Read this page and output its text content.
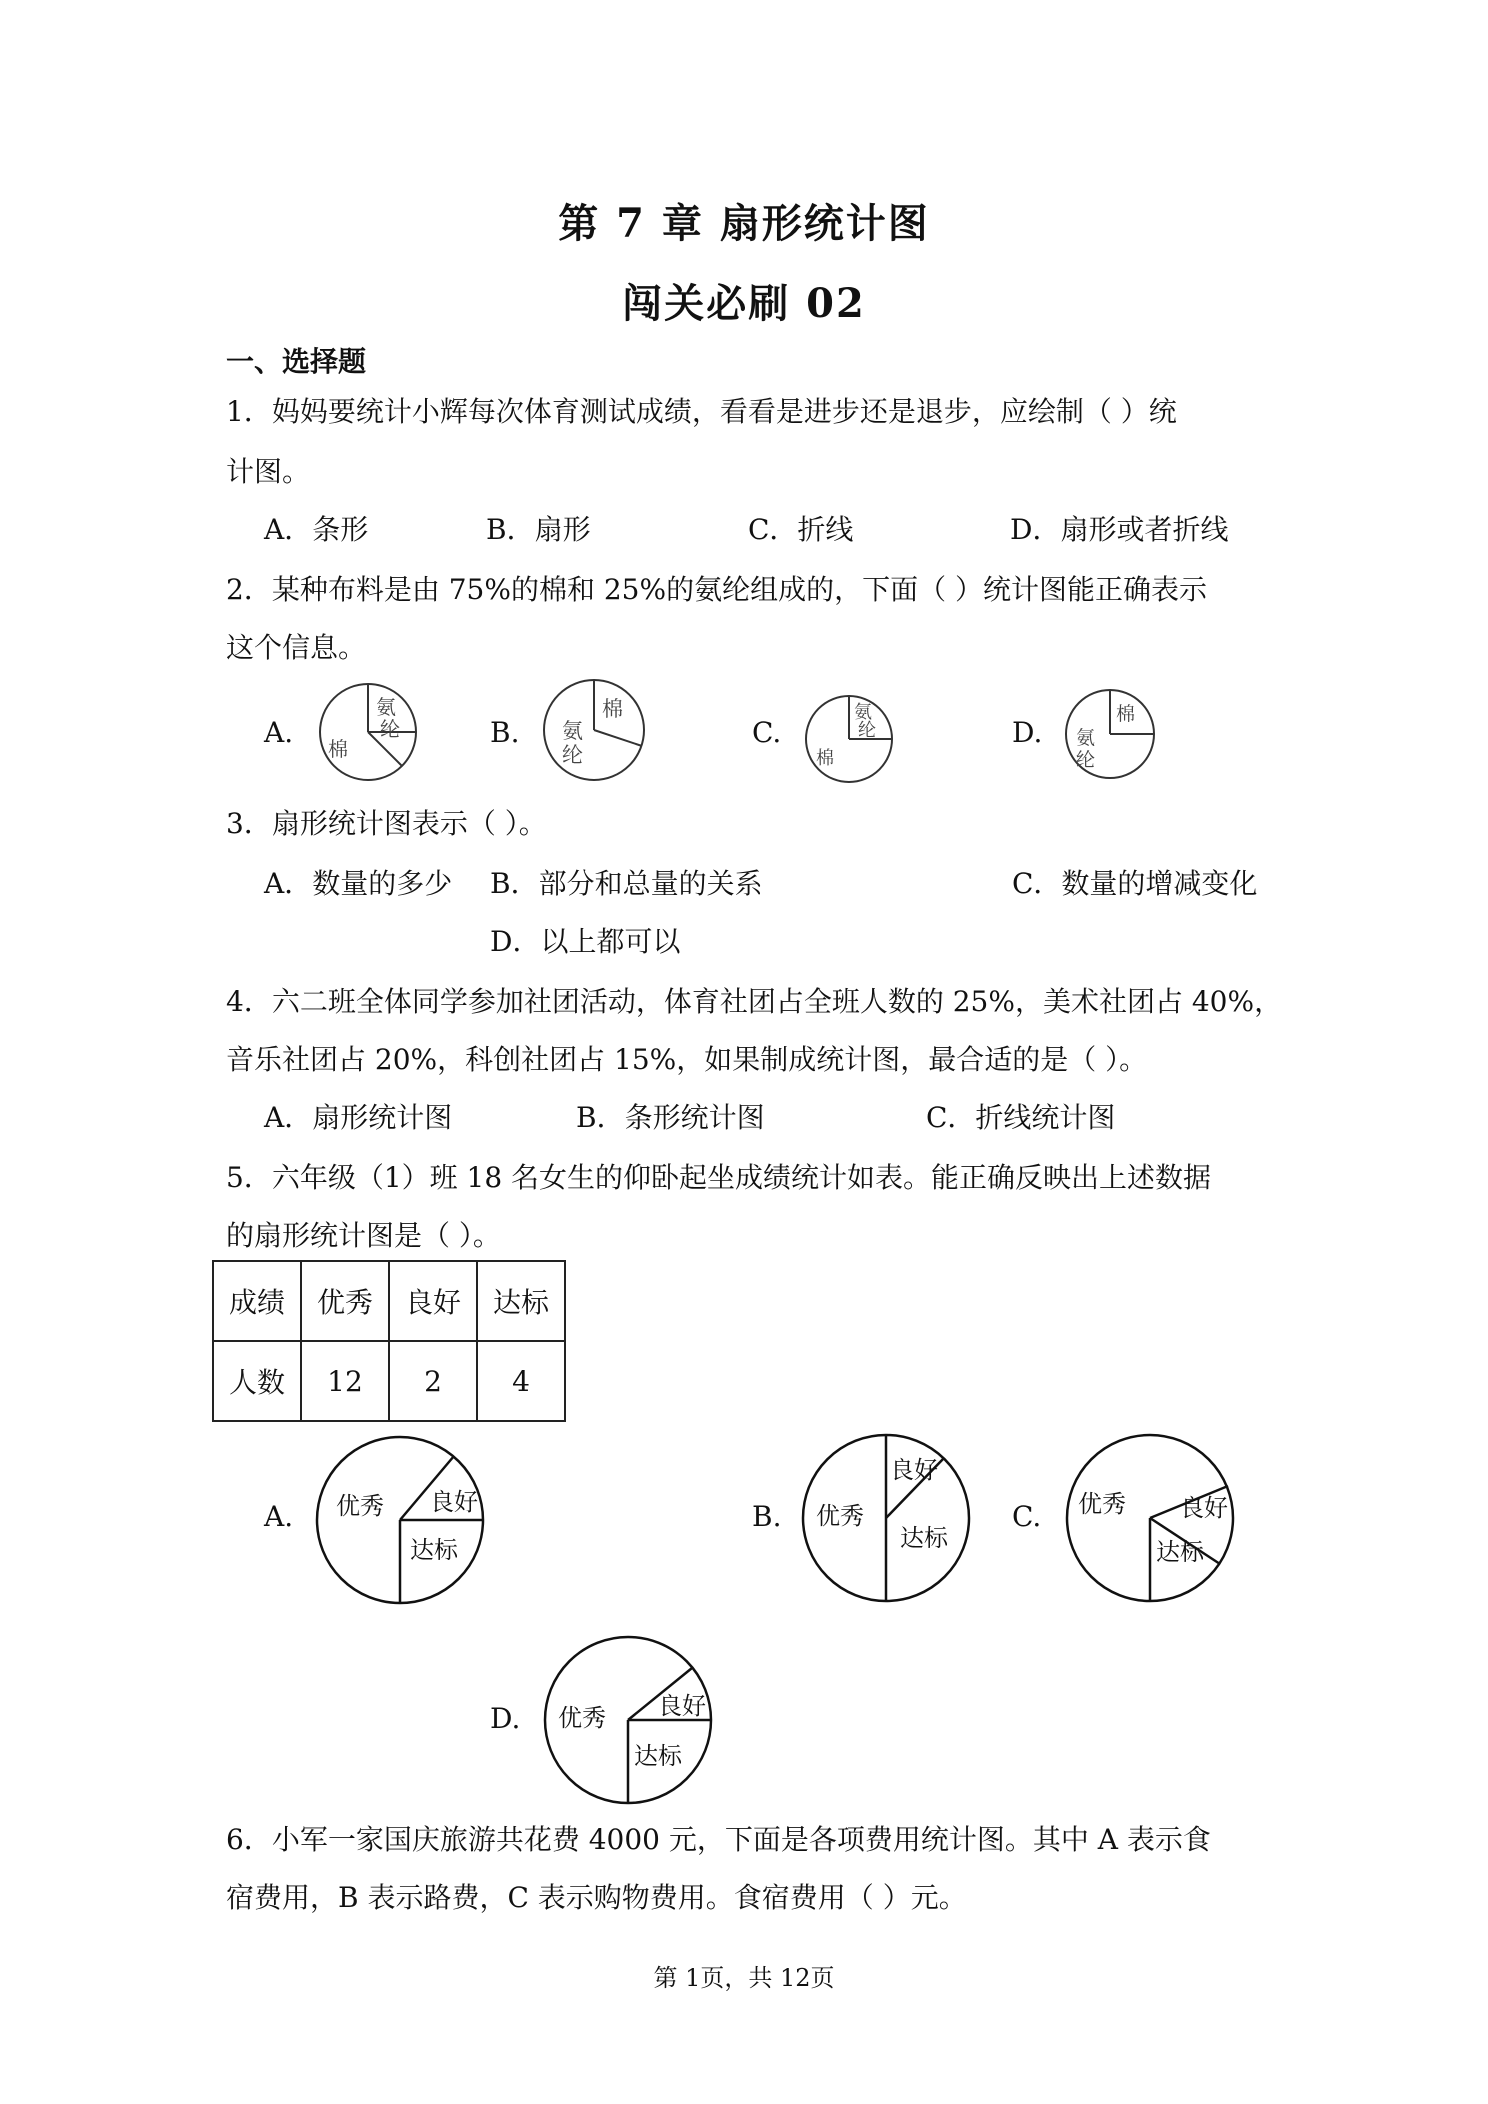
第 7 章 扇形统计图
闯关必刷 02
一、选择题
1．妈妈要统计小辉每次体育测试成绩，看看是进步还是退步，应绘制（ ）统
计图。
A．条形	B．扇形	C．折线	D．扇形或者折线
2．某种布料是由 75%的棉和 25%的氨纶组成的，下面（ ）统计图能正确表示
这个信息。
A.
氨
纶
棉	B.
棉
氨
纶
C.
氨
纶
棉
D.
棉
氨
纶
3．扇形统计图表示（ ）。
A．数量的多少 B．部分和总量的关系	C．数量的增减变化
D．以上都可以
4．六二班全体同学参加社团活动，体育社团占全班人数的 25%，美术社团占 40%，
音乐社团占 20%，科创社团占 15%，如果制成统计图，最合适的是（ ）。
A．扇形统计图	B．条形统计图	C．折线统计图
5．六年级（1）班 18 名女生的仰卧起坐成绩统计如表。能正确反映出上述数据
的扇形统计图是（ ）。
成绩	优秀	良好	达标
人数	12	2	4
A. 优秀 良好
达标
B. 优秀
良好
达标
C. 优秀 良好
达标
D. 优秀 良好
达标
6．小军一家国庆旅游共花费 4000 元，下面是各项费用统计图。其中 A 表示食
宿费用，B 表示路费，C 表示购物费用。食宿费用（ ）元。
第 1页，共 12页
